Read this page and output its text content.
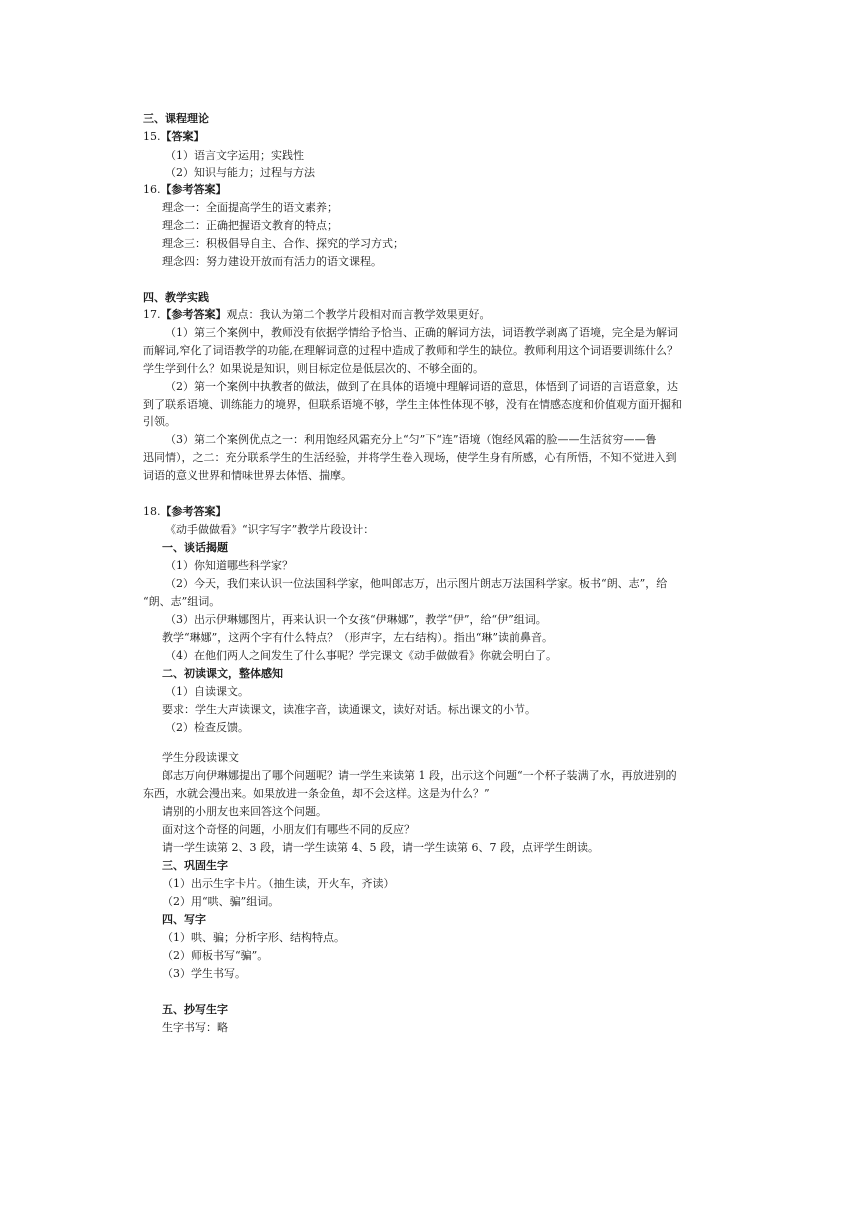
三、课程理论
15.【答案】
（1）语言文字运用；实践性
（2）知识与能力；过程与方法
16.【参考答案】
理念一：全面提高学生的语文素养；
理念二：正确把握语文教育的特点；
理念三：积极倡导自主、合作、探究的学习方式；
理念四：努力建设开放而有活力的语文课程。
四、教学实践
17.【参考答案】观点：我认为第二个教学片段相对而言教学效果更好。
（1）第三个案例中，教师没有依据学情给予恰当、正确的解词方法，词语教学剥离了语境，完全是为解词
而解词,窄化了词语教学的功能,在理解词意的过程中造成了教师和学生的缺位。教师利用这个词语要训练什么？
学生学到什么？如果说是知识，则目标定位是低层次的、不够全面的。
（2）第一个案例中执教者的做法，做到了在具体的语境中理解词语的意思，体悟到了词语的言语意象，达
到了联系语境、训练能力的境界，但联系语境不够，学生主体性体现不够，没有在情感态度和价值观方面开掘和
引领。
（3）第二个案例优点之一：利用饱经风霜充分上“匀”下“连”语境（饱经风霜的脸——生活贫穷——鲁
迅同情），之二：充分联系学生的生活经验，并将学生卷入现场，使学生身有所感，心有所悟，不知不觉进入到
词语的意义世界和情味世界去体悟、揣摩。
18.【参考答案】
《动手做做看》“识字写字”教学片段设计：
一、谈话揭题
（1）你知道哪些科学家？
（2）今天，我们来认识一位法国科学家，他叫郎志万，出示图片朗志万法国科学家。板书“朗、志”，给
“朗、志”组词。
（3）出示伊琳娜图片，再来认识一个女孩“伊琳娜”，教学“伊”，给“伊”组词。
教学“琳娜”，这两个字有什么特点？（形声字，左右结构）。指出“琳”读前鼻音。
（4）在他们两人之间发生了什么事呢？学完课文《动手做做看》你就会明白了。
二、初读课文，整体感知
（1）自读课文。
要求：学生大声读课文，读准字音，读通课文，读好对话。标出课文的小节。
（2）检查反馈。
学生分段读课文
郎志万向伊琳娜提出了哪个问题呢？请一学生来读第 1 段，出示这个问题“一个杯子装满了水，再放进别的
东西，水就会漫出来。如果放进一条金鱼，却不会这样。这是为什么？”
请别的小朋友也来回答这个问题。
面对这个奇怪的问题，小朋友们有哪些不同的反应？
请一学生读第 2、3 段，请一学生读第 4、5 段，请一学生读第 6、7 段，点评学生朗读。
三、巩固生字
（1）出示生字卡片。（抽生读，开火车，齐读）
（2）用“哄、骗”组词。
四、写字
（1）哄、骗；分析字形、结构特点。
（2）师板书写“骗”。
（3）学生书写。
五、抄写生字
生字书写：略
